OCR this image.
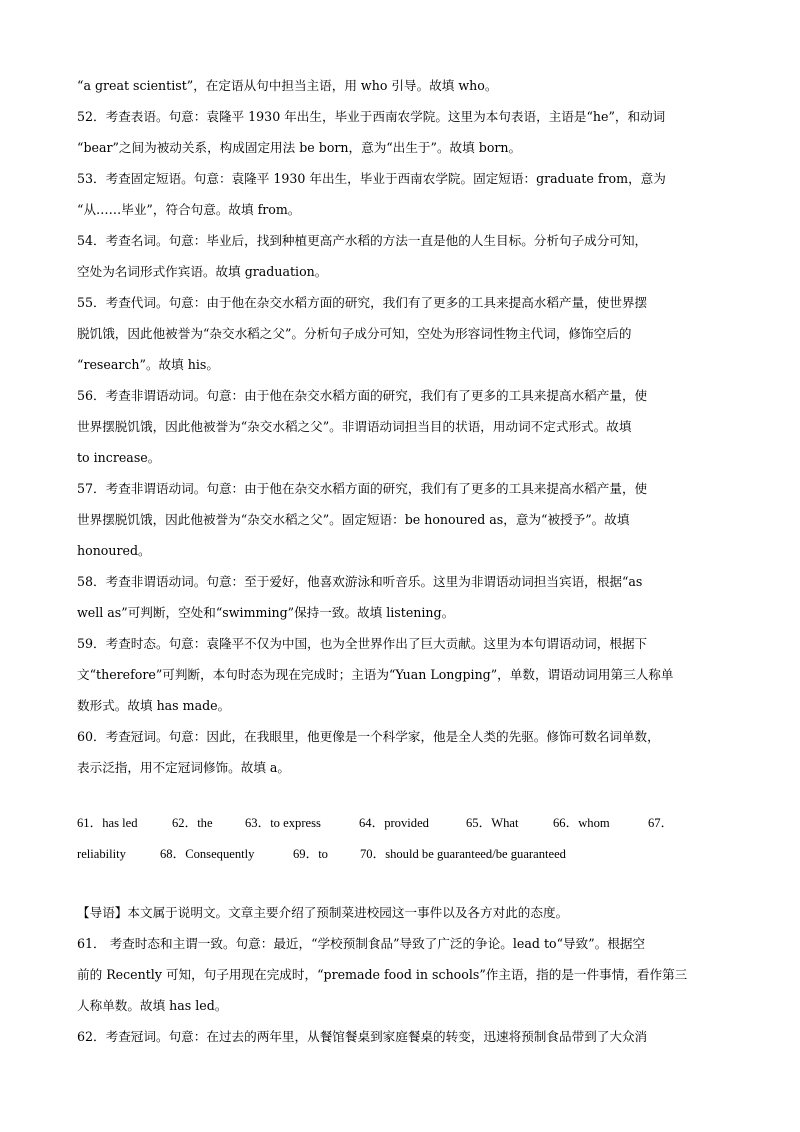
“a great scientist”，在定语从句中担当主语，用 who 引导。故填 who。
52．考查表语。句意：袁隆平 1930 年出生，毕业于西南农学院。这里为本句表语，主语是“he”，和动词
“bear”之间为被动关系，构成固定用法 be born，意为“出生于”。故填 born。
53．考查固定短语。句意：袁隆平 1930 年出生，毕业于西南农学院。固定短语：graduate from，意为
“从……毕业”，符合句意。故填 from。
54．考查名词。句意：毕业后，找到种植更高产水稻的方法一直是他的人生目标。分析句子成分可知，
空处为名词形式作宾语。故填 graduation。
55．考查代词。句意：由于他在杂交水稻方面的研究，我们有了更多的工具来提高水稻产量，使世界摆
脱饥饿，因此他被誉为“杂交水稻之父”。分析句子成分可知，空处为形容词性物主代词，修饰空后的
“research”。故填 his。
56．考查非谓语动词。句意：由于他在杂交水稻方面的研究，我们有了更多的工具来提高水稻产量，使
世界摆脱饥饿，因此他被誉为“杂交水稻之父”。非谓语动词担当目的状语，用动词不定式形式。故填
to increase。
57．考查非谓语动词。句意：由于他在杂交水稻方面的研究，我们有了更多的工具来提高水稻产量，使
世界摆脱饥饿，因此他被誉为“杂交水稻之父”。固定短语：be honoured as，意为“被授予”。故填
honoured。
58．考查非谓语动词。句意：至于爱好，他喜欢游泳和听音乐。这里为非谓语动词担当宾语，根据“as
well as”可判断，空处和“swimming”保持一致。故填 listening。
59．考查时态。句意：袁隆平不仅为中国，也为全世界作出了巨大贡献。这里为本句谓语动词，根据下
文“therefore”可判断，本句时态为现在完成时；主语为“Yuan Longping”，单数，谓语动词用第三人称单
数形式。故填 has made。
60．考查冠词。句意：因此，在我眼里，他更像是一个科学家，他是全人类的先驱。修饰可数名词单数，
表示泛指，用不定冠词修饰。故填 a。
61．has led	62．the	63．to express	64．provided	65．What	66．whom	67．
reliability	68．Consequently	69．to	70．should be guaranteed/be guaranteed
【导语】本文属于说明文。文章主要介绍了预制菜进校园这一事件以及各方对此的态度。
61． 考查时态和主谓一致。句意：最近，“学校预制食品”导致了广泛的争论。lead to“导致”。根据空
前的 Recently 可知，句子用现在完成时，“premade food in schools”作主语，指的是一件事情，看作第三
人称单数。故填 has led。
62．考查冠词。句意：在过去的两年里，从餐馆餐桌到家庭餐桌的转变，迅速将预制食品带到了大众消
